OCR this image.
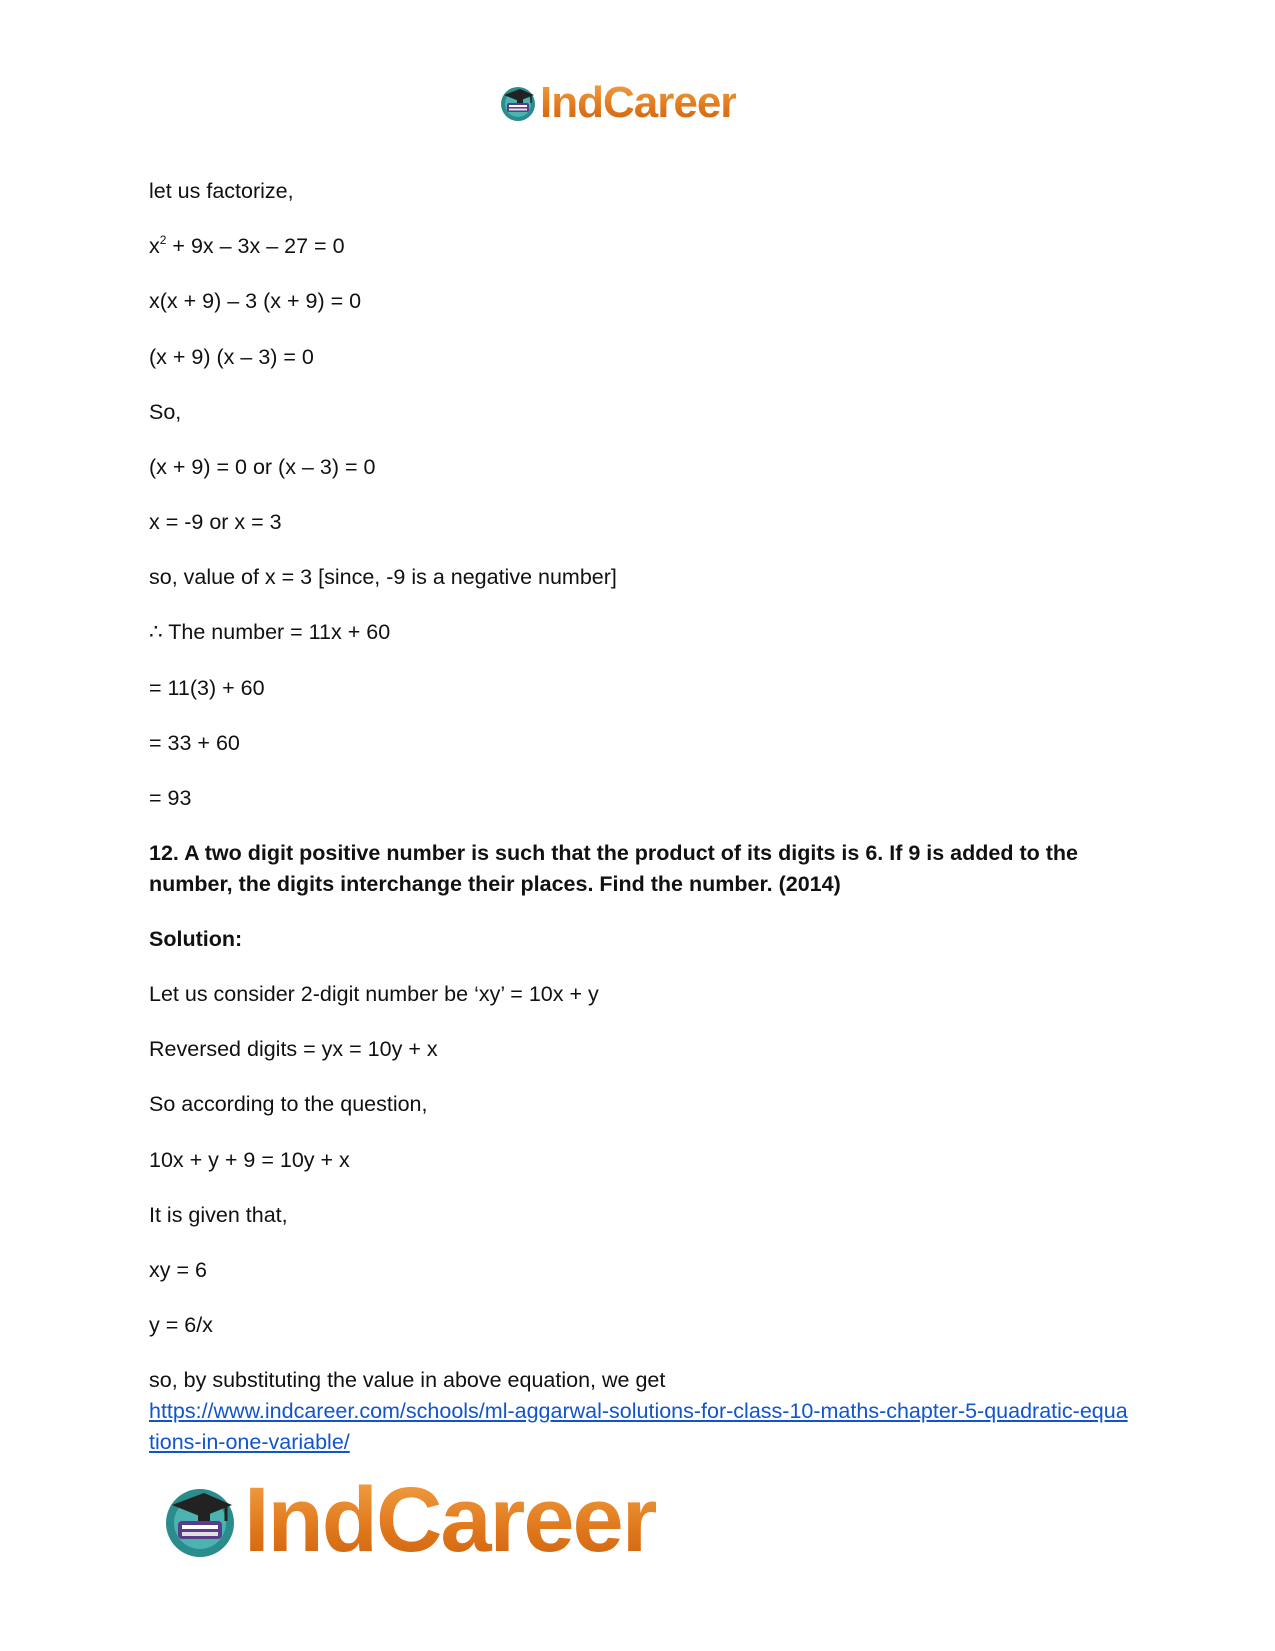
IndCareer

let us factorize,

$x^2 + 9x - 3x - 27 = 0$

x(x + 9) – 3 (x + 9) = 0

(x + 9) (x – 3) = 0

So,

(x + 9) = 0 or (x – 3) = 0

x = -9 or x = 3

so, value of x = 3 [since, -9 is a negative number]

∴ The number = 11x + 60

= 11(3) + 60

= 33 + 60

= 93

12. A two digit positive number is such that the product of its digits is 6. If 9 is added to the number, the digits interchange their places. Find the number. (2014)

Solution:

Let us consider 2-digit number be ‘xy’ = 10x + y

Reversed digits = yx = 10y + x

So according to the question,

10x + y + 9 = 10y + x

It is given that,

xy = 6

y = 6/x

so, by substituting the value in above equation, we get

https://www.indcareer.com/schools/ml-aggarwal-solutions-for-class-10-maths-chapter-5-quadratic-equations-in-one-variable/
IndCareer
